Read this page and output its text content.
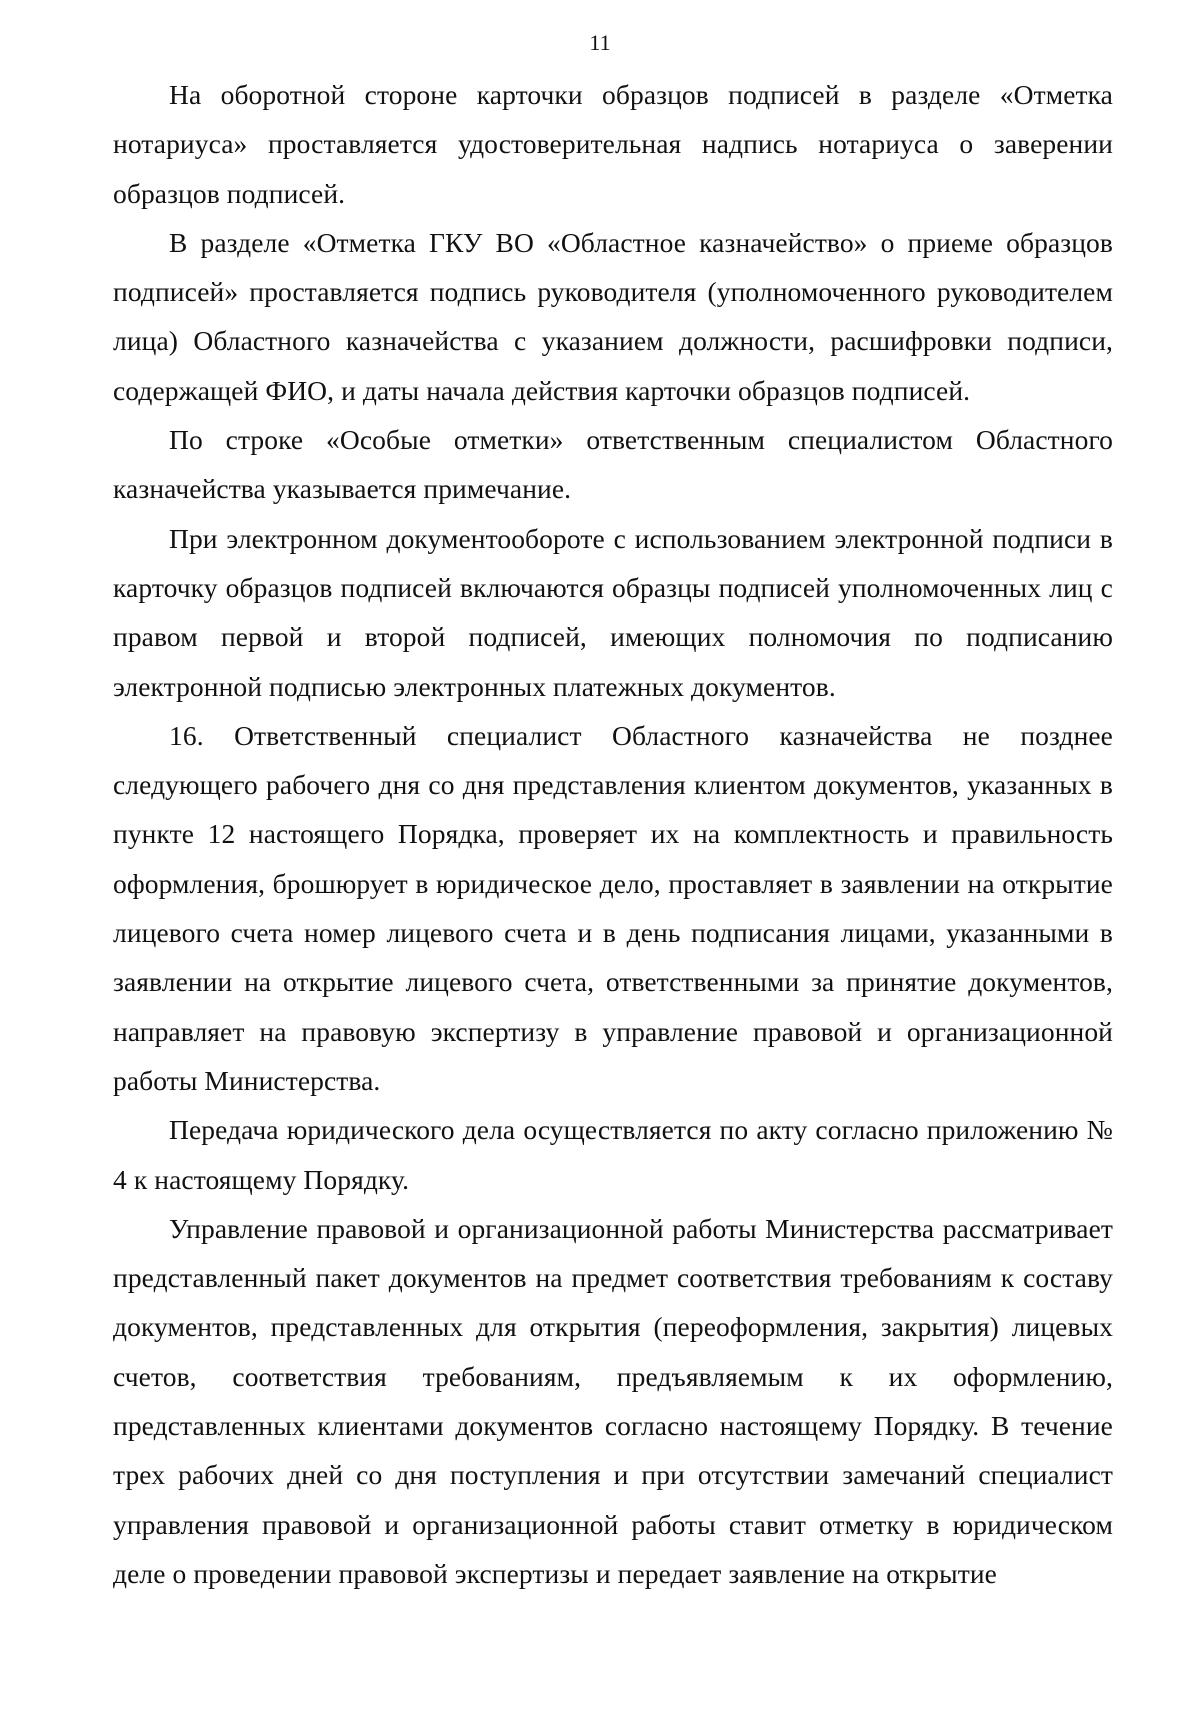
11

На оборотной стороне карточки образцов подписей в разделе «Отметка нотариуса» проставляется удостоверительная надпись нотариуса о заверении образцов подписей.

В разделе «Отметка ГКУ ВО «Областное казначейство» о приеме образцов подписей» проставляется подпись руководителя (уполномоченного руководителем лица) Областного казначейства с указанием должности, расшифровки подписи, содержащей ФИО, и даты начала действия карточки образцов подписей.

По строке «Особые отметки» ответственным специалистом Областного казначейства указывается примечание.

При электронном документообороте с использованием электронной подписи в карточку образцов подписей включаются образцы подписей уполномоченных лиц с правом первой и второй подписей, имеющих полномочия по подписанию электронной подписью электронных платежных документов.

16. Ответственный специалист Областного казначейства не позднее следующего рабочего дня со дня представления клиентом документов, указанных в пункте 12 настоящего Порядка, проверяет их на комплектность и правильность оформления, брошюрует в юридическое дело, проставляет в заявлении на открытие лицевого счета номер лицевого счета и в день подписания лицами, указанными в заявлении на открытие лицевого счета, ответственными за принятие документов, направляет на правовую экспертизу в управление правовой и организационной работы Министерства.

Передача юридического дела осуществляется по акту согласно приложению № 4 к настоящему Порядку.

Управление правовой и организационной работы Министерства рассматривает представленный пакет документов на предмет соответствия требованиям к составу документов, представленных для открытия (переоформления, закрытия) лицевых счетов, соответствия требованиям, предъявляемым к их оформлению, представленных клиентами документов согласно настоящему Порядку. В течение трех рабочих дней со дня поступления и при отсутствии замечаний специалист управления правовой и организационной работы ставит отметку в юридическом деле о проведении правовой экспертизы и передает заявление на открытие
